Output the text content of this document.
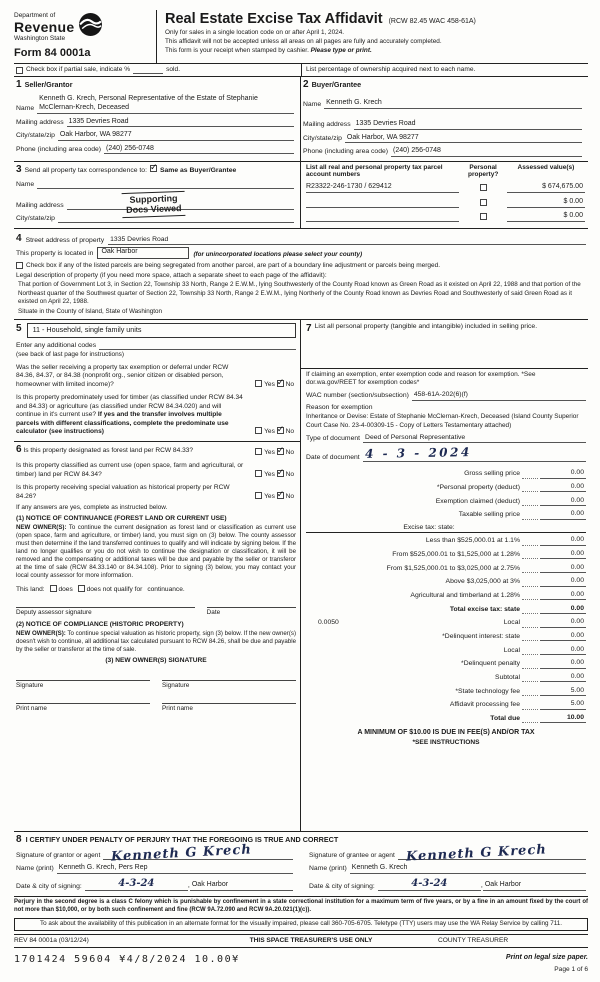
Department of
Revenue
Washington State
Form 84 0001a
Real Estate Excise Tax Affidavit (RCW 82.45 WAC 458-61A)
Only for sales in a single location code on or after April 1, 2024.
This affidavit will not be accepted unless all areas on all pages are fully and accurately completed.
This form is your receipt when stamped by cashier. Please type or print.
Check box if partial sale, indicate %	sold.	List percentage of ownership acquired next to each name.
1 Seller/Grantor
Name
Kenneth G. Krech, Personal Representative of the Estate of Stephanie McClernan-Krech, Deceased
Mailing address 1335 Devries Road
City/state/zip Oak Harbor, WA 98277
Phone (including area code) (240) 256-0748
2 Buyer/Grantee
Name Kenneth G. Krech
Mailing address 1335 Devries Road
City/state/zip Oak Harbor, WA 98277
Phone (including area code) (240) 256-0748
3 Send all property tax correspondence to: ✓ Same as Buyer/Grantee
Name
Mailing address
City/state/zip
Supporting
Docs Viewed
List all real and personal property tax parcel account numbers
Personal property?
Assessed value(s)
R23322-246-1730 / 629412	$ 674,675.00
$ 0.00
$ 0.00
4 Street address of property 1335 Devries Road
This property is located in	Oak Harbor	(for unincorporated locations please select your county)
Check box if any of the listed parcels are being segregated from another parcel, are part of a boundary line adjustment or parcels being merged.
Legal description of property (if you need more space, attach a separate sheet to each page of the affidavit):
That portion of Government Lot 3, in Section 22, Township 33 North, Range 2 E.W.M., lying Southwesterly of the County Road known as Green Road as it existed on April 22, 1988 and that portion of the Northeast quarter of the Southwest quarter of Section 22, Township 33 North, Range 2 E.W.M., lying Northerly of the County Road known as Devries Road and Southwesterly of said Green Road as it existed on April 22, 1988.
Situate in the County of Island, State of Washington
5	11 - Household, single family units
Enter any additional codes
(see back of last page for instructions)
Was the seller receiving a property tax exemption or deferral under RCW 84.36, 84.37, or 84.38 (nonprofit org., senior citizen or disabled person, homeowner with limited income)?	Yes ✓ No
Is this property predominately used for timber (as classified under RCW 84.34 and 84.33) or agriculture (as classified under RCW 84.34.020) and will continue in it's current use? If yes and the transfer involves multiple parcels with different classifications, complete the predominate use calculator (see instructions)	Yes ✓ No
6 Is this property designated as forest land per RCW 84.33?	Yes ✓ No
Is this property classified as current use (open space, farm and agricultural, or timber) land per RCW 84.34?	Yes ✓ No
Is this property receiving special valuation as historical property per RCW 84.26?	Yes ✓ No
If any answers are yes, complete as instructed below.
(1) NOTICE OF CONTINUANCE (FOREST LAND OR CURRENT USE)
NEW OWNER(S): To continue the current designation as forest land or classification as current use (open space, farm and agriculture, or timber) land, you must sign on (3) below. The county assessor must then determine if the land transferred continues to qualify and will indicate by signing below. If the land no longer qualifies or you do not wish to continue the designation or classification, it will be removed and the compensating or additional taxes will be due and payable by the seller or transferor at the time of sale (RCW 84.33.140 or 84.34.108). Prior to signing (3) below, you may contact your local county assessor for more information.
This land:	does	does not qualify for continuance.
Deputy assessor signature	Date
(2) NOTICE OF COMPLIANCE (HISTORIC PROPERTY)
NEW OWNER(S): To continue special valuation as historic property, sign (3) below. If the new owner(s) doesn't wish to continue, all additional tax calculated pursuant to RCW 84.26, shall be due and payable by the seller or transferor at the time of sale.
(3) NEW OWNER(S) SIGNATURE
Signature	Signature
Print name	Print name
7 List all personal property (tangible and intangible) included in selling price.
If claiming an exemption, enter exemption code and reason for exemption. *See dor.wa.gov/REET for exemption codes*
WAC number (section/subsection) 458-61A-202(6)(f)
Reason for exemption
Inheritance or Devise: Estate of Stephanie McClernan-Krech, Deceased (Island County Superior Court Case No. 23-4-00309-15 - Copy of Letters Testamentary attached)
Type of document Deed of Personal Representative
Date of document 4 - 3 - 2024
Gross selling price	0.00
*Personal property (deduct)	0.00
Exemption claimed (deduct)	0.00
Taxable selling price	0.00
Excise tax: state:
Less than $525,000.01 at 1.1%	0.00
From $525,000.01 to $1,525,000 at 1.28%	0.00
From $1,525,000.01 to $3,025,000 at 2.75%	0.00
Above $3,025,000 at 3%	0.00
Agricultural and timberland at 1.28%	0.00
Total excise tax: state	0.00
0.0050	Local	0.00
*Delinquent interest: state	0.00
Local	0.00
*Delinquent penalty	0.00
Subtotal	0.00
*State technology fee	5.00
Affidavit processing fee	5.00
Total due	10.00
A MINIMUM OF $10.00 IS DUE IN FEE(S) AND/OR TAX
*SEE INSTRUCTIONS
8 I CERTIFY UNDER PENALTY OF PERJURY THAT THE FOREGOING IS TRUE AND CORRECT
Signature of grantor or agent Kenneth G Krech
Name (print) Kenneth G. Krech, Pers Rep
Date & city of signing:	4-3-24	, Oak Harbor
Signature of grantee or agent Kenneth G Krech
Name (print) Kenneth G. Krech
Date & city of signing:	4-3-24	, Oak Harbor
Perjury in the second degree is a class C felony which is punishable by confinement in a state correctional institution for a maximum term of five years, or by a fine in an amount fixed by the court of not more than $10,000, or by both such confinement and fine (RCW 9A.72.090 and RCW 9A.20.021(1)(c)).
To ask about the availability of this publication in an alternate format for the visually impaired, please call 360-705-6705. Teletype (TTY) users may use the WA Relay Service by calling 711.
REV 84 0001a (03/12/24)	THIS SPACE TREASURER'S USE ONLY	COUNTY TREASURER
1701424 59604 ¥4/8/2024 10.00¥	Print on legal size paper.
Page 1 of 6
